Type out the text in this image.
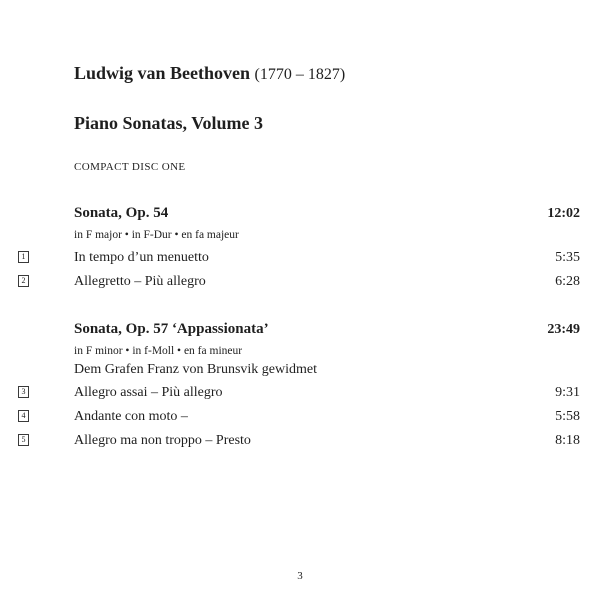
Ludwig van Beethoven (1770 – 1827)
Piano Sonatas, Volume 3
COMPACT DISC ONE
Sonata, Op. 54	12:02
in F major • in F-Dur • en fa majeur
1	In tempo d’un menuetto	5:35
2	Allegretto – Più allegro	6:28
Sonata, Op. 57 ‘Appassionata’	23:49
in F minor • in f-Moll • en fa mineur
Dem Grafen Franz von Brunsvik gewidmet
3	Allegro assai – Più allegro	9:31
4	Andante con moto –	5:58
5	Allegro ma non troppo – Presto	8:18
3
